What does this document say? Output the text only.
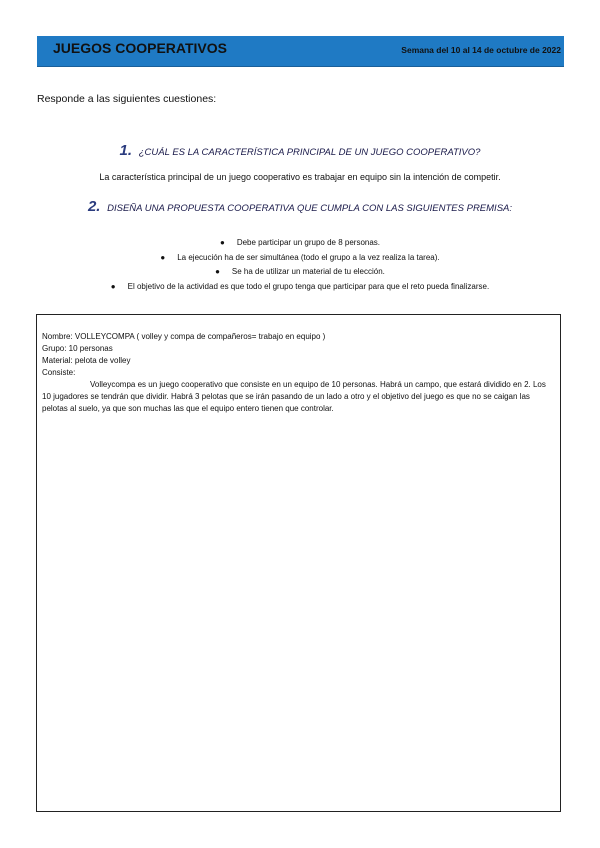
JUEGOS COOPERATIVOS	Semana del 10 al 14 de octubre de 2022
Responde a las siguientes cuestiones:
1. ¿CUÁL ES LA CARACTERÍSTICA PRINCIPAL DE UN JUEGO COOPERATIVO?
La característica principal de un juego cooperativo es trabajar en equipo sin la intención de competir.
2. DISEÑA UNA PROPUESTA COOPERATIVA QUE CUMPLA CON LAS SIGUIENTES PREMISA:
● Debe participar un grupo de 8 personas.
● La ejecución ha de ser simultánea (todo el grupo a la vez realiza la tarea).
● Se ha de utilizar un material de tu elección.
● El objetivo de la actividad es que todo el grupo tenga que participar para que el reto pueda finalizarse.

Nombre: VOLLEYCOMPA ( volley y compa de compañeros= trabajo en equipo )

Grupo: 10 personas

Material: pelota de volley

Consiste:

Volleycompa es un juego cooperativo que consiste en un equipo de 10 personas. Habrá un campo, que estará dividido en 2. Los 10 jugadores se tendrán que dividir. Habrá 3 pelotas que se irán pasando de un lado a otro y el objetivo del juego es que no se caigan las pelotas al suelo, ya que son muchas las que el equipo entero tienen que controlar.
